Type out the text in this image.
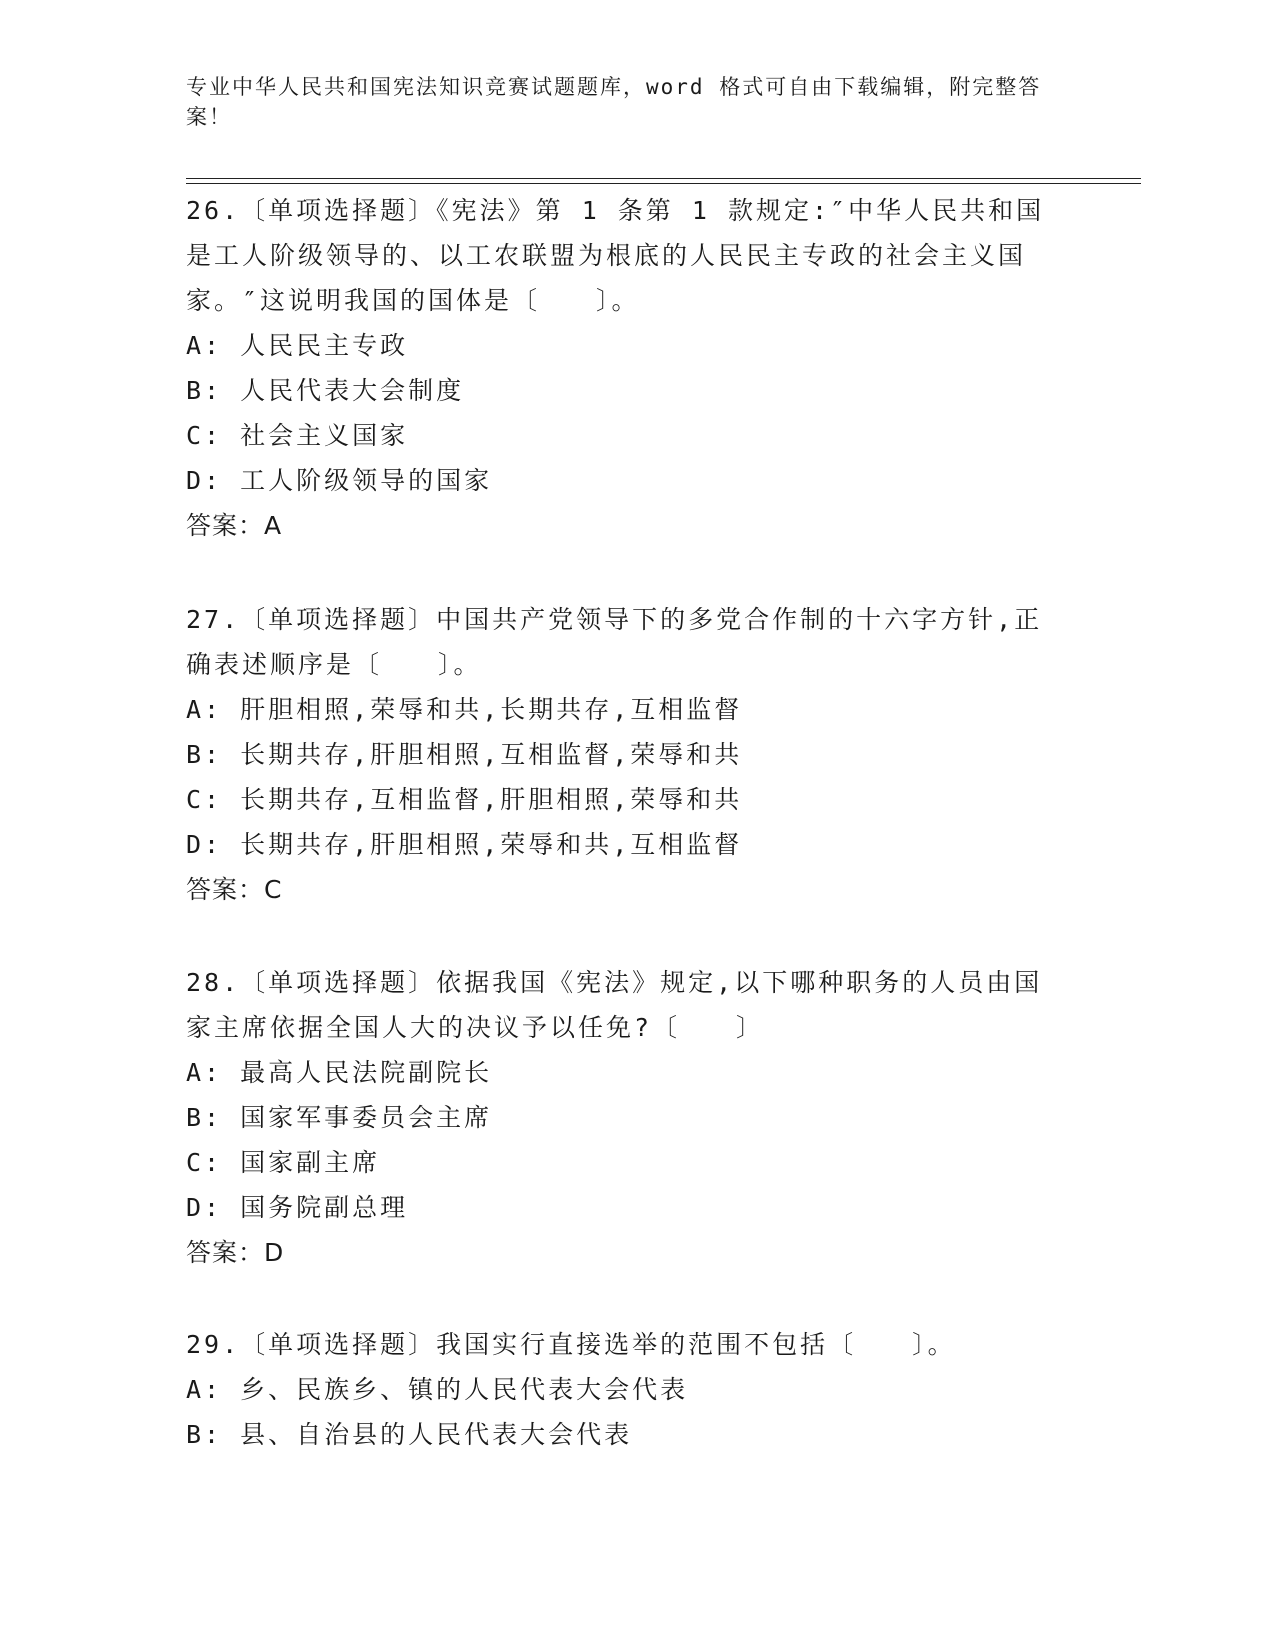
专业中华人民共和国宪法知识竞赛试题题库，word 格式可自由下载编辑，附完整答案！

26.〔单项选择题〕《宪法》第 1 条第 1 款规定:″中华人民共和国是工人阶级领导的、以工农联盟为根底的人民民主专政的社会主义国家。″这说明我国的国体是〔　　〕。

A: 人民民主专政

B: 人民代表大会制度

C: 社会主义国家

D: 工人阶级领导的国家

答案：A

27.〔单项选择题〕中国共产党领导下的多党合作制的十六字方针,正确表述顺序是〔　　〕。

A: 肝胆相照,荣辱和共,长期共存,互相监督

B: 长期共存,肝胆相照,互相监督,荣辱和共

C: 长期共存,互相监督,肝胆相照,荣辱和共

D: 长期共存,肝胆相照,荣辱和共,互相监督

答案：C

28.〔单项选择题〕依据我国《宪法》规定,以下哪种职务的人员由国家主席依据全国人大的决议予以任免?〔　　〕

A: 最高人民法院副院长

B: 国家军事委员会主席

C: 国家副主席

D: 国务院副总理

答案：D

29.〔单项选择题〕我国实行直接选举的范围不包括〔　　〕。

A: 乡、民族乡、镇的人民代表大会代表

B: 县、自治县的人民代表大会代表
